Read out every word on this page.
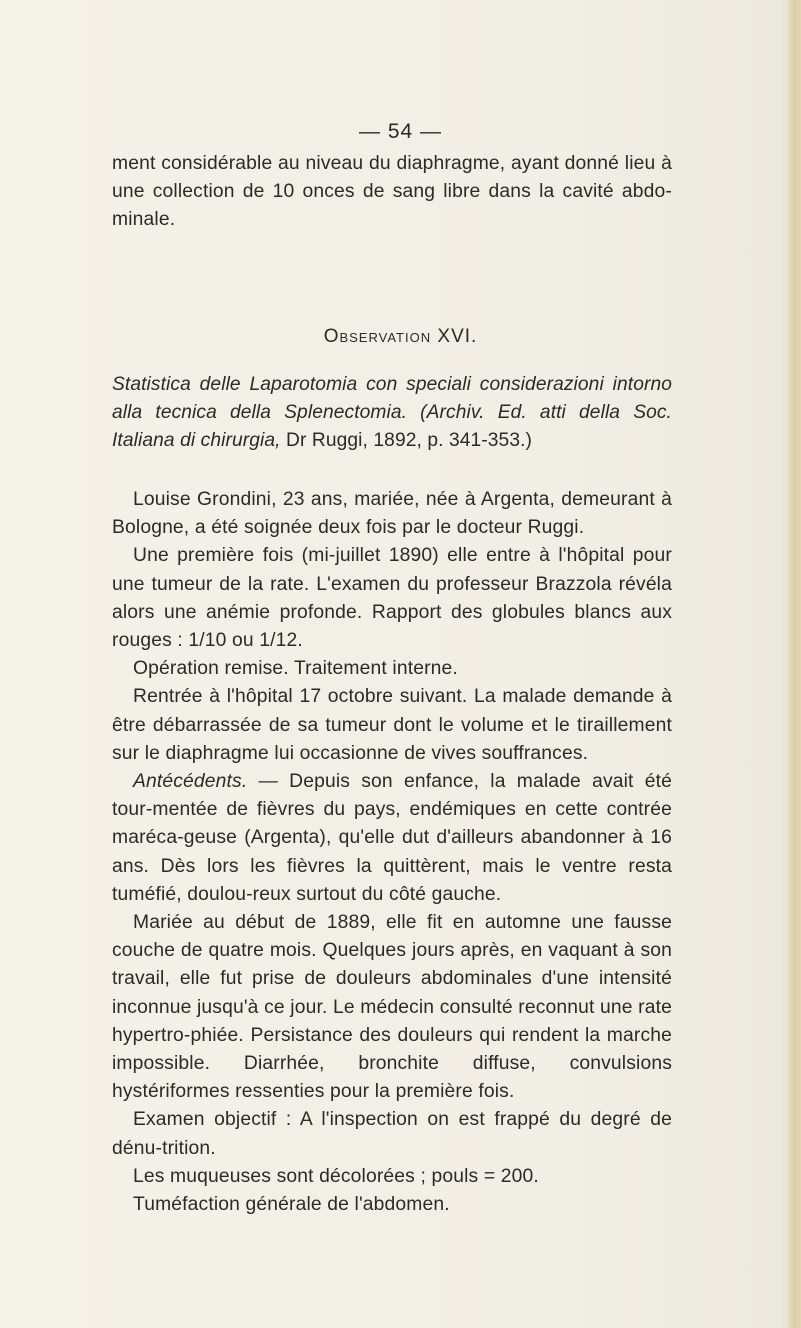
— 54 —

ment considérable au niveau du diaphragme, ayant donné lieu à une collection de 10 onces de sang libre dans la cavité abdo-minale.

Observation XVI.
Statistica delle Laparotomia con speciali considerazioni intorno alla tecnica della Splenectomia. (Archiv. Ed. atti della Soc. Italiana di chirurgia, Dr Ruggi, 1892, p. 341-353.)

Louise Grondini, 23 ans, mariée, née à Argenta, demeurant à Bologne, a été soignée deux fois par le docteur Ruggi.

Une première fois (mi-juillet 1890) elle entre à l'hôpital pour une tumeur de la rate. L'examen du professeur Brazzola révéla alors une anémie profonde. Rapport des globules blancs aux rouges : 1/10 ou 1/12.

Opération remise. Traitement interne.

Rentrée à l'hôpital 17 octobre suivant. La malade demande à être débarrassée de sa tumeur dont le volume et le tiraillement sur le diaphragme lui occasionne de vives souffrances.

Antécédents. — Depuis son enfance, la malade avait été tour-mentée de fièvres du pays, endémiques en cette contrée maréca-geuse (Argenta), qu'elle dut d'ailleurs abandonner à 16 ans. Dès lors les fièvres la quittèrent, mais le ventre resta tuméfié, doulou-reux surtout du côté gauche.

Mariée au début de 1889, elle fit en automne une fausse couche de quatre mois. Quelques jours après, en vaquant à son travail, elle fut prise de douleurs abdominales d'une intensité inconnue jusqu'à ce jour. Le médecin consulté reconnut une rate hypertro-phiée. Persistance des douleurs qui rendent la marche impossible. Diarrhée, bronchite diffuse, convulsions hystériformes ressenties pour la première fois.

Examen objectif : A l'inspection on est frappé du degré de dénu-trition.

Les muqueuses sont décolorées ; pouls = 200.

Tuméfaction générale de l'abdomen.
